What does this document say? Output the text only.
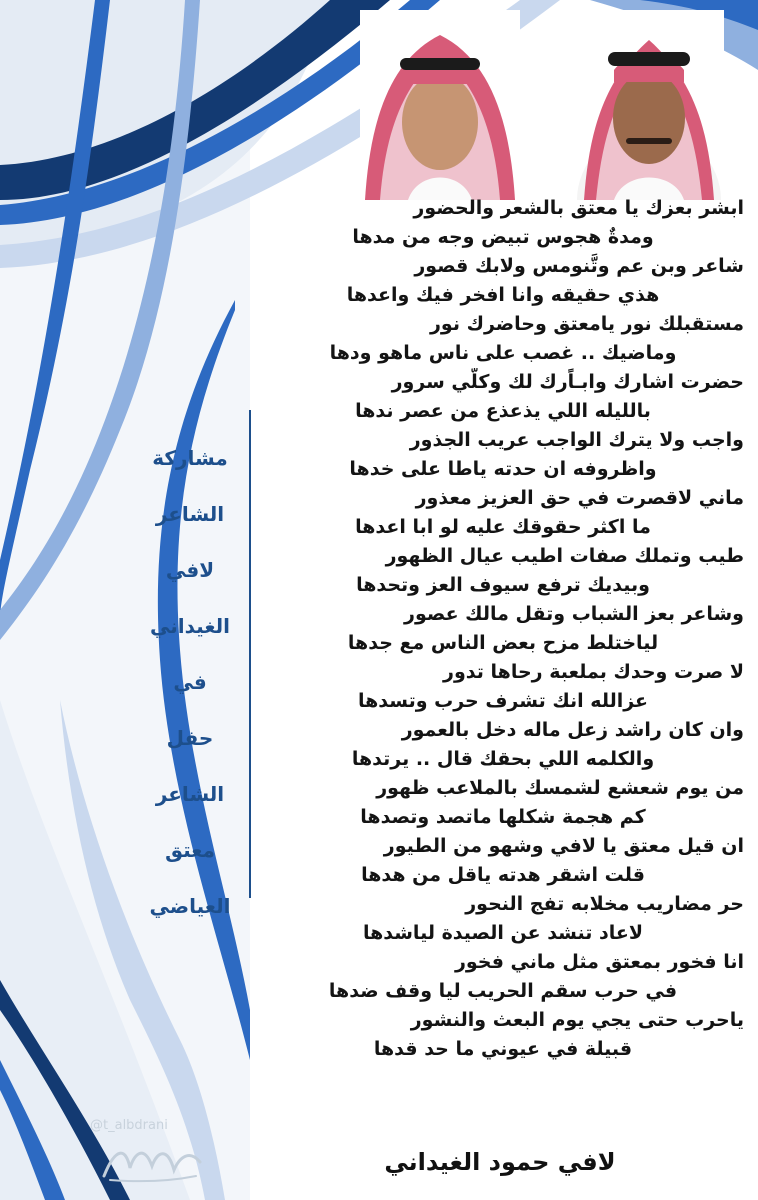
ابشر بعزك يا معتق بالشعر والحضور
ومدةٌ هجوس تبيض وجه من مدها
شاعر وبن عم وتَّنومس ولابك قصور
هذي حقيقه وانا افخر فيك واعدها
مستقبلك نور يامعتق وحاضرك نور
وماضيك .. غصب على ناس ماهو ودها
حضرت اشارك وابـاًرك لك وكلّي سرور
بالليله اللي يذعذع من عصر ندها
واجب ولا يترك الواجب عريب الجذور
واظروفه ان حدته ياطا على خدها
ماني لاقصرت في حق العزيز معذور
ما اكثر حقوقك عليه لو ابا اعدها
طيب وتملك صفات اطيب عيال الظهور
وبيديك ترفع سيوف العز وتحدها
وشاعر بعز الشباب وتقل مالك عصور
لياختلط مزح بعض الناس مع جدها
لا صرت وحدك بملعبة رحاها تدور
عزالله انك تشرف حرب وتسدها
وان كان راشد زعل ماله دخل بالعمور
والكلمه اللي بحقك قال .. يرتدها
من يوم شعشع لشمسك بالملاعب ظهور
كم هجمة شكلها ماتصد وتصدها
ان قيل معتق يا لافي وشهو من الطيور
قلت اشقر هدته ياقل من هدها
حر مضاريب مخلابه تفج النحور
لاعاد تنشد عن الصيدة لياشدها
انا فخور بمعتق مثل ماني فخور
في حرب سقم الحريب ليا وقف ضدها
ياحرب حتى يجي يوم البعث والنشور
قبيلة في عيوني ما حد قدها
مشاركة
الشاعر
لافي
الغيداني
في
حفل
الشاعر
معتق
العياضي
لافي حمود الغيداني
@t_albdrani
